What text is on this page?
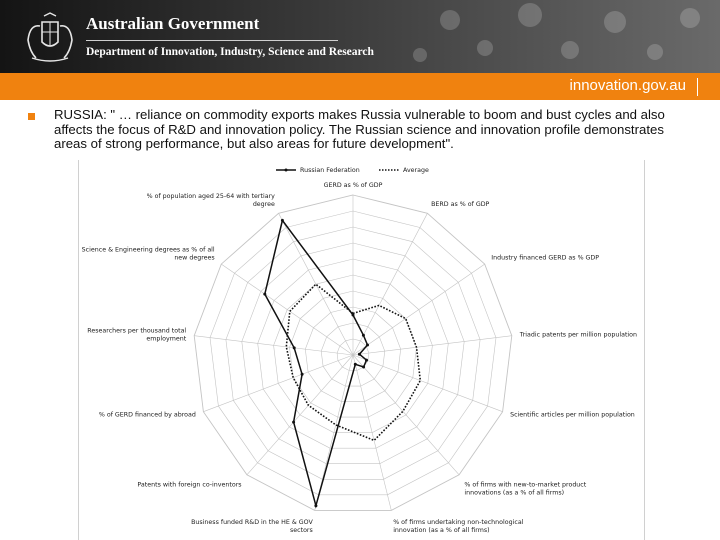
Australian Government
Department of Innovation, Industry, Science and Research
innovation.gov.au
RUSSIA: " … reliance on commodity exports makes Russia vulnerable to boom and bust cycles and also affects the focus of R&D and innovation policy. The Russian science and innovation profile demonstrates areas of strong performance, but also areas for future development".
GERD as % of GDP
BERD as % of GDP
Industry financed GERD as % GDP
Triadic patents per million population
Scientific articles per million population
% of firms with new-to-market product innovations (as a % of all firms)
% of firms undertaking non-technological innovation (as a % of all firms)
Business funded R&D in the HE & GOV sectors
Patents with foreign co-inventors
% of GERD financed by abroad
Researchers per thousand total employment
Science & Engineering degrees as % of all new degrees
% of population aged 25-64 with tertiary degree
Russian Federation	Average
